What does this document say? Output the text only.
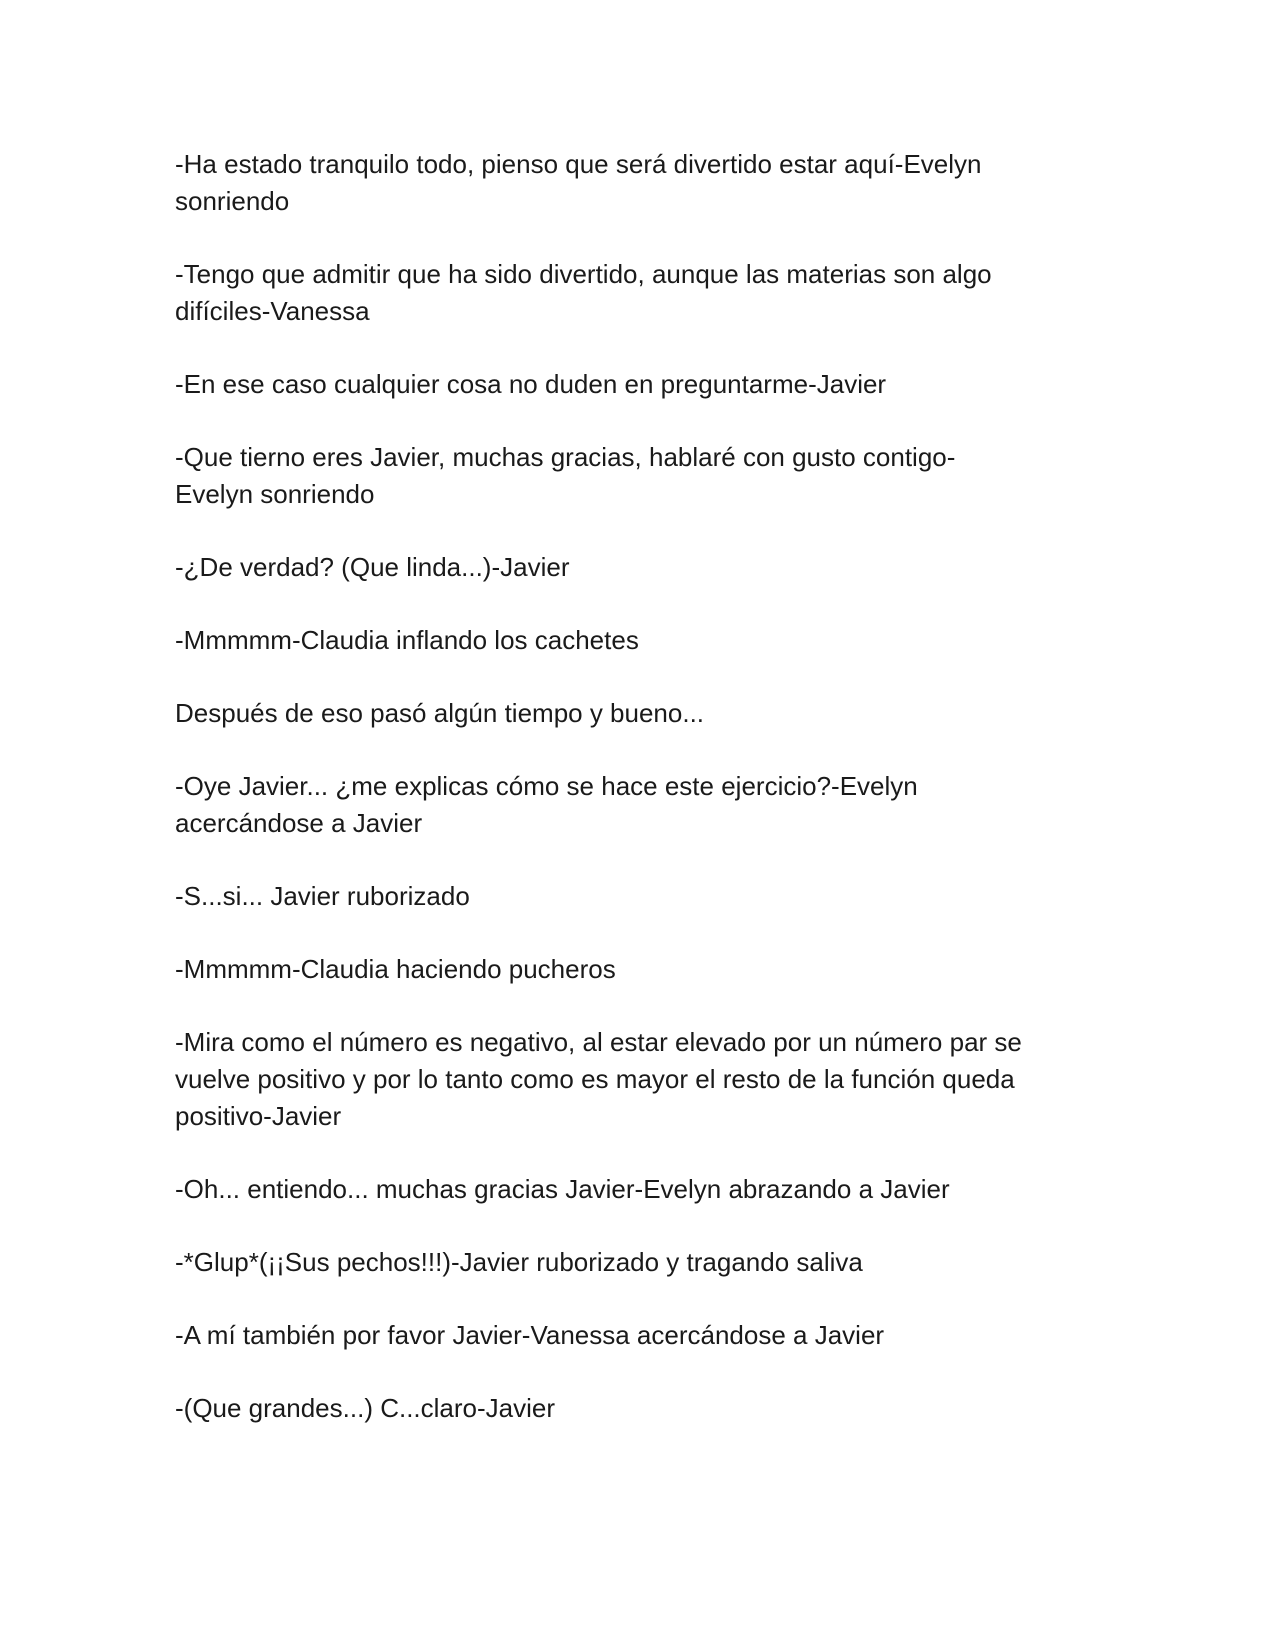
-Ha estado tranquilo todo, pienso que será divertido estar aquí-Evelyn
sonriendo

-Tengo que admitir que ha sido divertido, aunque las materias son algo
difíciles-Vanessa

-En ese caso cualquier cosa no duden en preguntarme-Javier

-Que tierno eres Javier, muchas gracias, hablaré con gusto contigo-
Evelyn sonriendo

-¿De verdad? (Que linda...)-Javier

-Mmmmm-Claudia inflando los cachetes

Después de eso pasó algún tiempo y bueno...

-Oye Javier... ¿me explicas cómo se hace este ejercicio?-Evelyn
acercándose a Javier

-S...si... Javier ruborizado

-Mmmmm-Claudia haciendo pucheros

-Mira como el número es negativo, al estar elevado por un número par se
vuelve positivo y por lo tanto como es mayor el resto de la función queda
positivo-Javier

-Oh... entiendo... muchas gracias Javier-Evelyn abrazando a Javier

-*Glup*(¡¡Sus pechos!!!)-Javier ruborizado y tragando saliva

-A mí también por favor Javier-Vanessa acercándose a Javier

-(Que grandes...) C...claro-Javier
